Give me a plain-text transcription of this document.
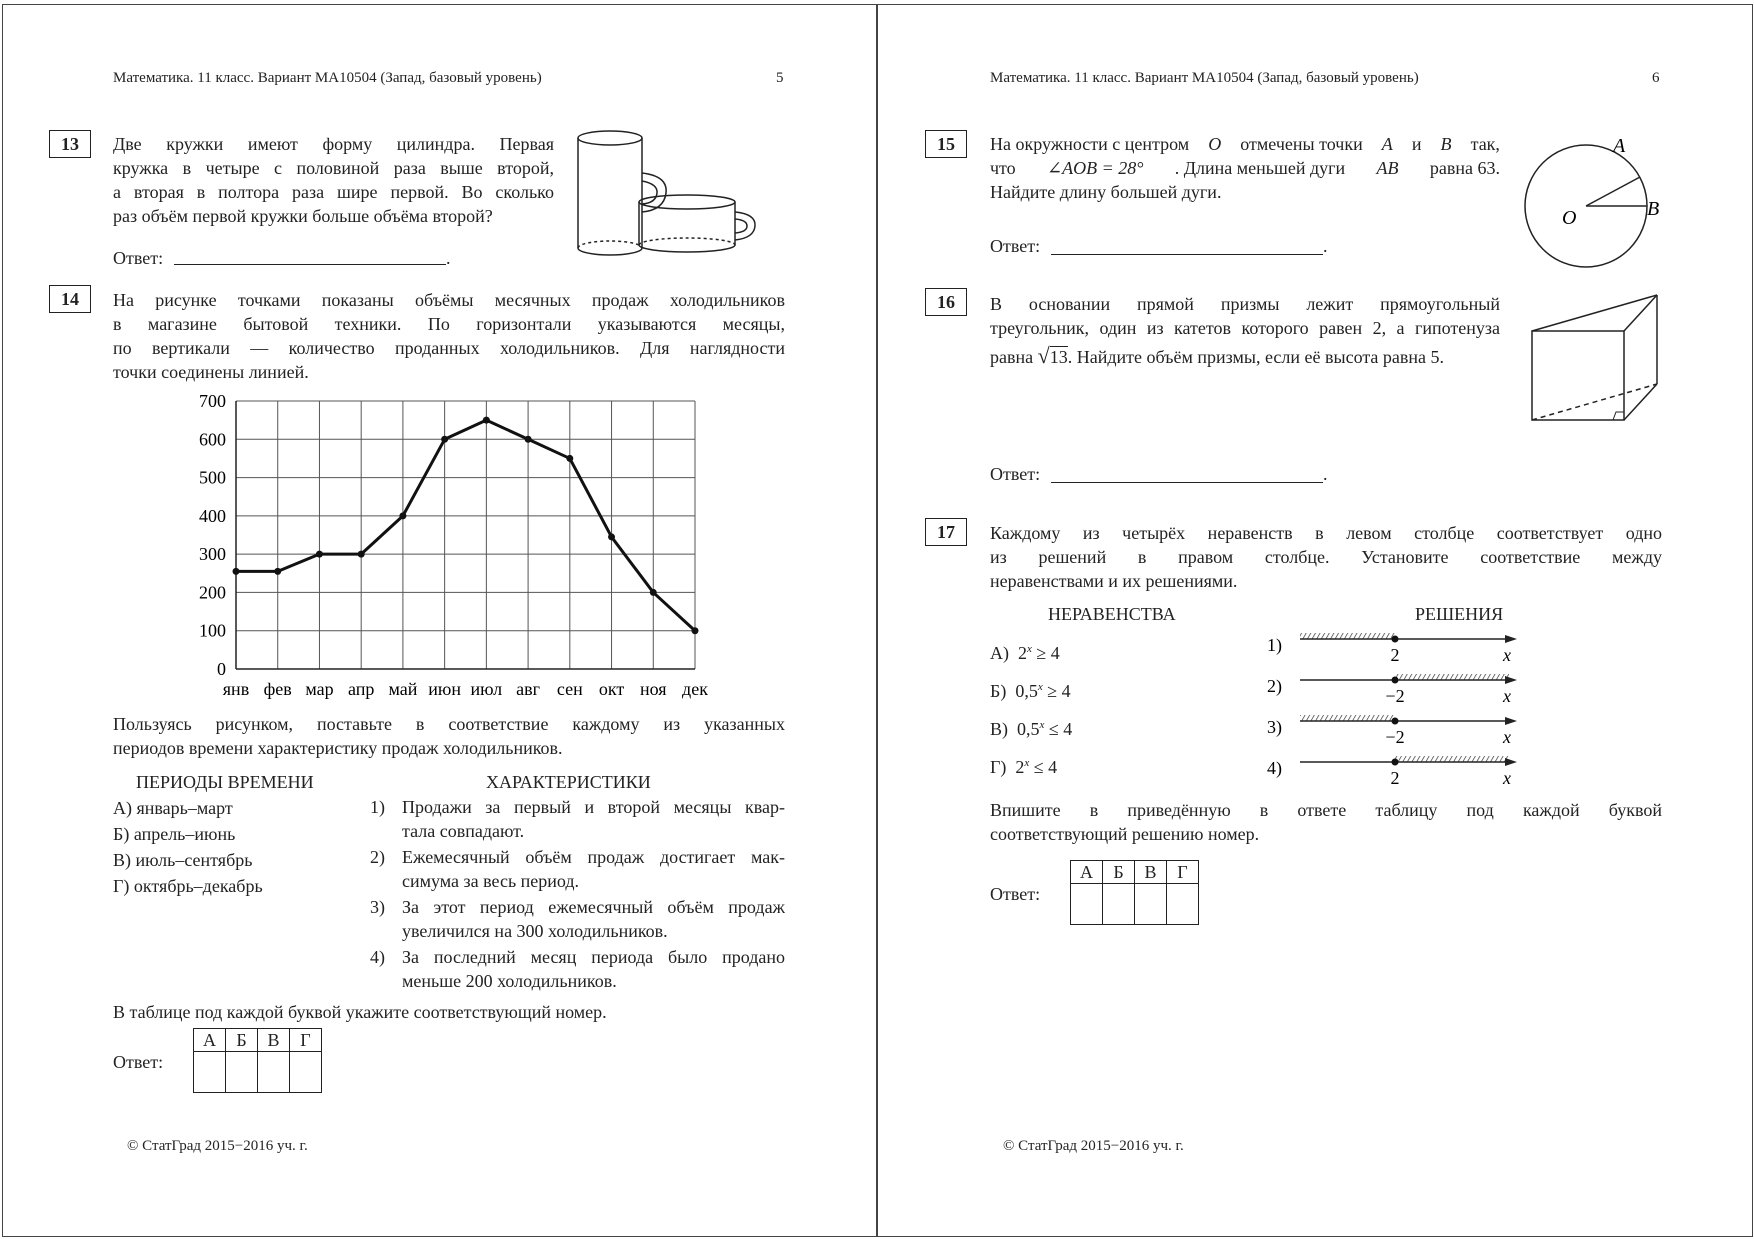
Математика. 11 класс. Вариант МА10504 (Запад, базовый уровень)	5
13	Две кружки имеют форму цилиндра. Первая
кружка в четыре с половиной раза выше второй,
а вторая в полтора раза шире первой. Во сколько
раз объём первой кружки больше объёма второй?
Ответ:	.
14	На рисунке точками показаны объёмы месячных продаж холодильников
в магазине бытовой техники. По горизонтали указываются месяцы,
по вертикали — количество проданных холодильников. Для наглядности
точки соединены линией.
0
100
200
300
400
500
600
700
янв фев мар апр май июн июл авг сен окт ноя дек
Пользуясь рисунком, поставьте в соответствие каждому из указанных
периодов времени характеристику продаж холодильников.
ПЕРИОДЫ ВРЕМЕНИ	ХАРАКТЕРИСТИКИ
А) январь–март
Б) апрель–июнь
В) июль–сентябрь
Г) октябрь–декабрь
1) Продажи за первый и второй месяцы квар-
тала совпадают.
2) Ежемесячный объём продаж достигает мак-
симума за весь период.
3) За этот период ежемесячный объём продаж
увеличился на 300 холодильников.
4) За последний месяц периода было продано
меньше 200 холодильников.
В таблице под каждой буквой укажите соответствующий номер.
Ответ:
А	Б	В	Г

© СтатГрад 2015−2016 уч. г.
Математика. 11 класс. Вариант МА10504 (Запад, базовый уровень)	6
15	На окружности с центром O отмечены точки A и B так,
что ∠AOB = 28° . Длина меньшей дуги AB равна 63.
Найдите длину большей дуги.
Ответ:	.
O
A
B
16	В основании прямой призмы лежит прямоугольный
треугольник, один из катетов которого равен 2, а гипотенуза
равна √13. Найдите объём призмы, если её высота равна 5.
Ответ:	.
17	Каждому из четырёх неравенств в левом столбце соответствует одно
из решений в правом столбце. Установите соответствие между
неравенствами и их решениями.
НЕРАВЕНСТВА	РЕШЕНИЯ
А) $2^x \ge 4$
Б) $0,5^x \ge 4$
В) $0,5^x \le 4$
Г) $2^x \le 4$
1)	2	x
2)	−2	x
3)	−2	x
4)	2	x
Впишите в приведённую в ответе таблицу под каждой буквой
соответствующий решению номер.
Ответ:
А	Б	В	Г

© СтатГрад 2015−2016 уч. г.
